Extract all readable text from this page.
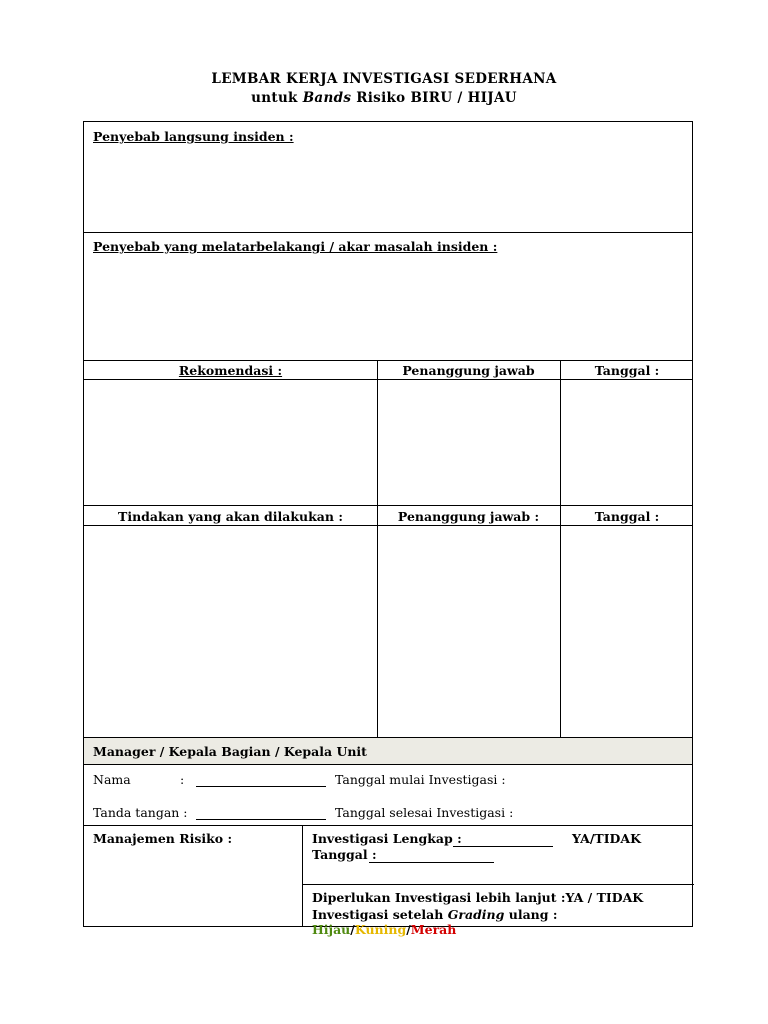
LEMBAR KERJA INVESTIGASI SEDERHANA
untuk Bands Risiko BIRU / HIJAU
Penyebab langsung insiden :
Penyebab yang melatarbelakangi / akar masalah insiden :
Rekomendasi :	Penanggung jawab	Tanggal :
Tindakan yang akan dilakukan :	Penanggung jawab :	Tanggal :
Manager / Kepala Bagian / Kepala Unit
Nama	:	Tanggal mulai Investigasi :
Tanda tangan :	Tanggal selesai Investigasi :
Manajemen Risiko :	Investigasi Lengkap :	YA/TIDAK
Tanggal :
Diperlukan Investigasi lebih lanjut :YA / TIDAK
Investigasi setelah Grading ulang : Hijau/Kuning/Merah
